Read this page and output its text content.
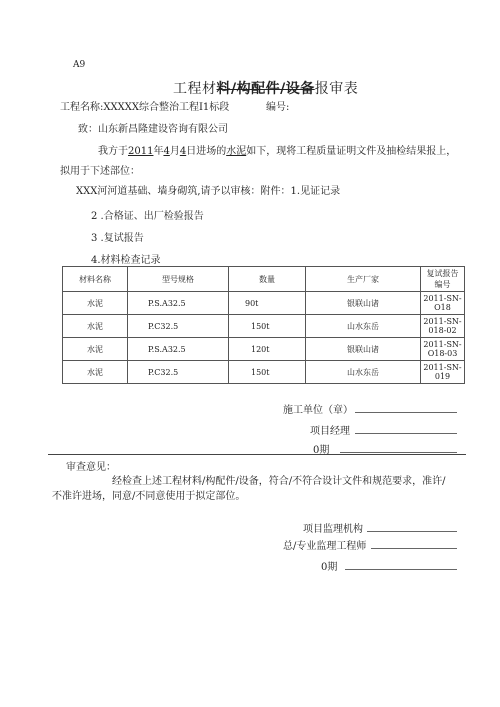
A9
工程材料/构配件/设备报审表
工程名称:XXXXX综合整治工程Ⅰ1标段	编号:
致：山东新昌隆建设咨询有限公司
我方于2011年4月4日进场的水泥如下，现将工程质量证明文件及抽检结果报上，
拟用于下述部位：
XXX河河道基础、墙身砌筑,请予以审核：附件：1.见证记录
2 .合格证、出厂检验报告
3 .复试报告
4.材料检查记录
材料名称	型号规格	数量	生产厂家	复试报告编号
水泥	P.S.A32.5	90t	银联山诸	2011-SN-O18
水泥	P.C32.5	150t	山水东岳	2011-SN-018-02
水泥	P.S.A32.5	120t	银联山诸	2011-SN-O18-03
水泥	P.C32.5	150t	山水东岳	2011-SN-019
施工单位（章）
项目经理
0期
审查意见：
经检查上述工程材料/构配件/设备，符合/不符合设计文件和规范要求，准许/
不准许进场，同意/不同意使用于拟定部位。
项目监理机构
总/专业监理工程师
0期
